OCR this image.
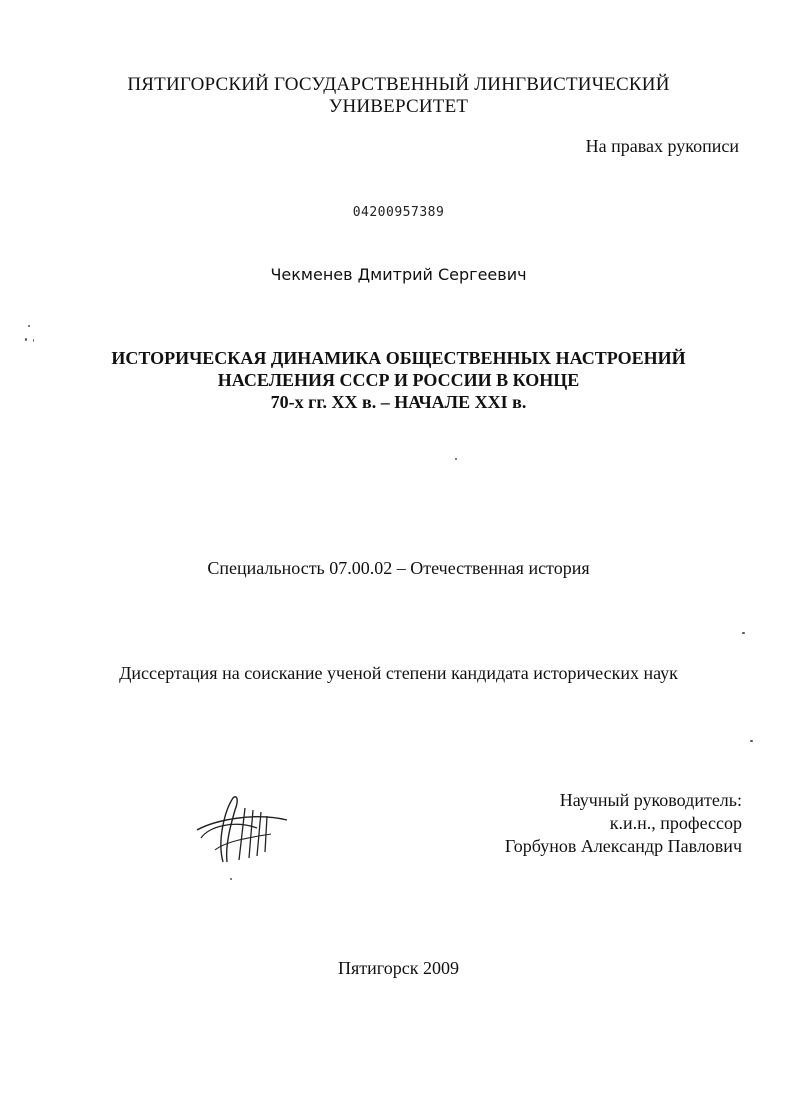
ПЯТИГОРСКИЙ ГОСУДАРСТВЕННЫЙ ЛИНГВИСТИЧЕСКИЙ
УНИВЕРСИТЕТ
На правах рукописи
04200957389
Чекменев Дмитрий Сергеевич
ИСТОРИЧЕСКАЯ ДИНАМИКА ОБЩЕСТВЕННЫХ НАСТРОЕНИЙ
НАСЕЛЕНИЯ СССР И РОССИИ В КОНЦЕ
70-х гг. XX в. – НАЧАЛЕ XXI в.
Специальность 07.00.02 – Отечественная история
Диссертация на соискание ученой степени кандидата исторических наук
Научный руководитель:
к.и.н., профессор
Горбунов Александр Павлович
Пятигорск 2009
